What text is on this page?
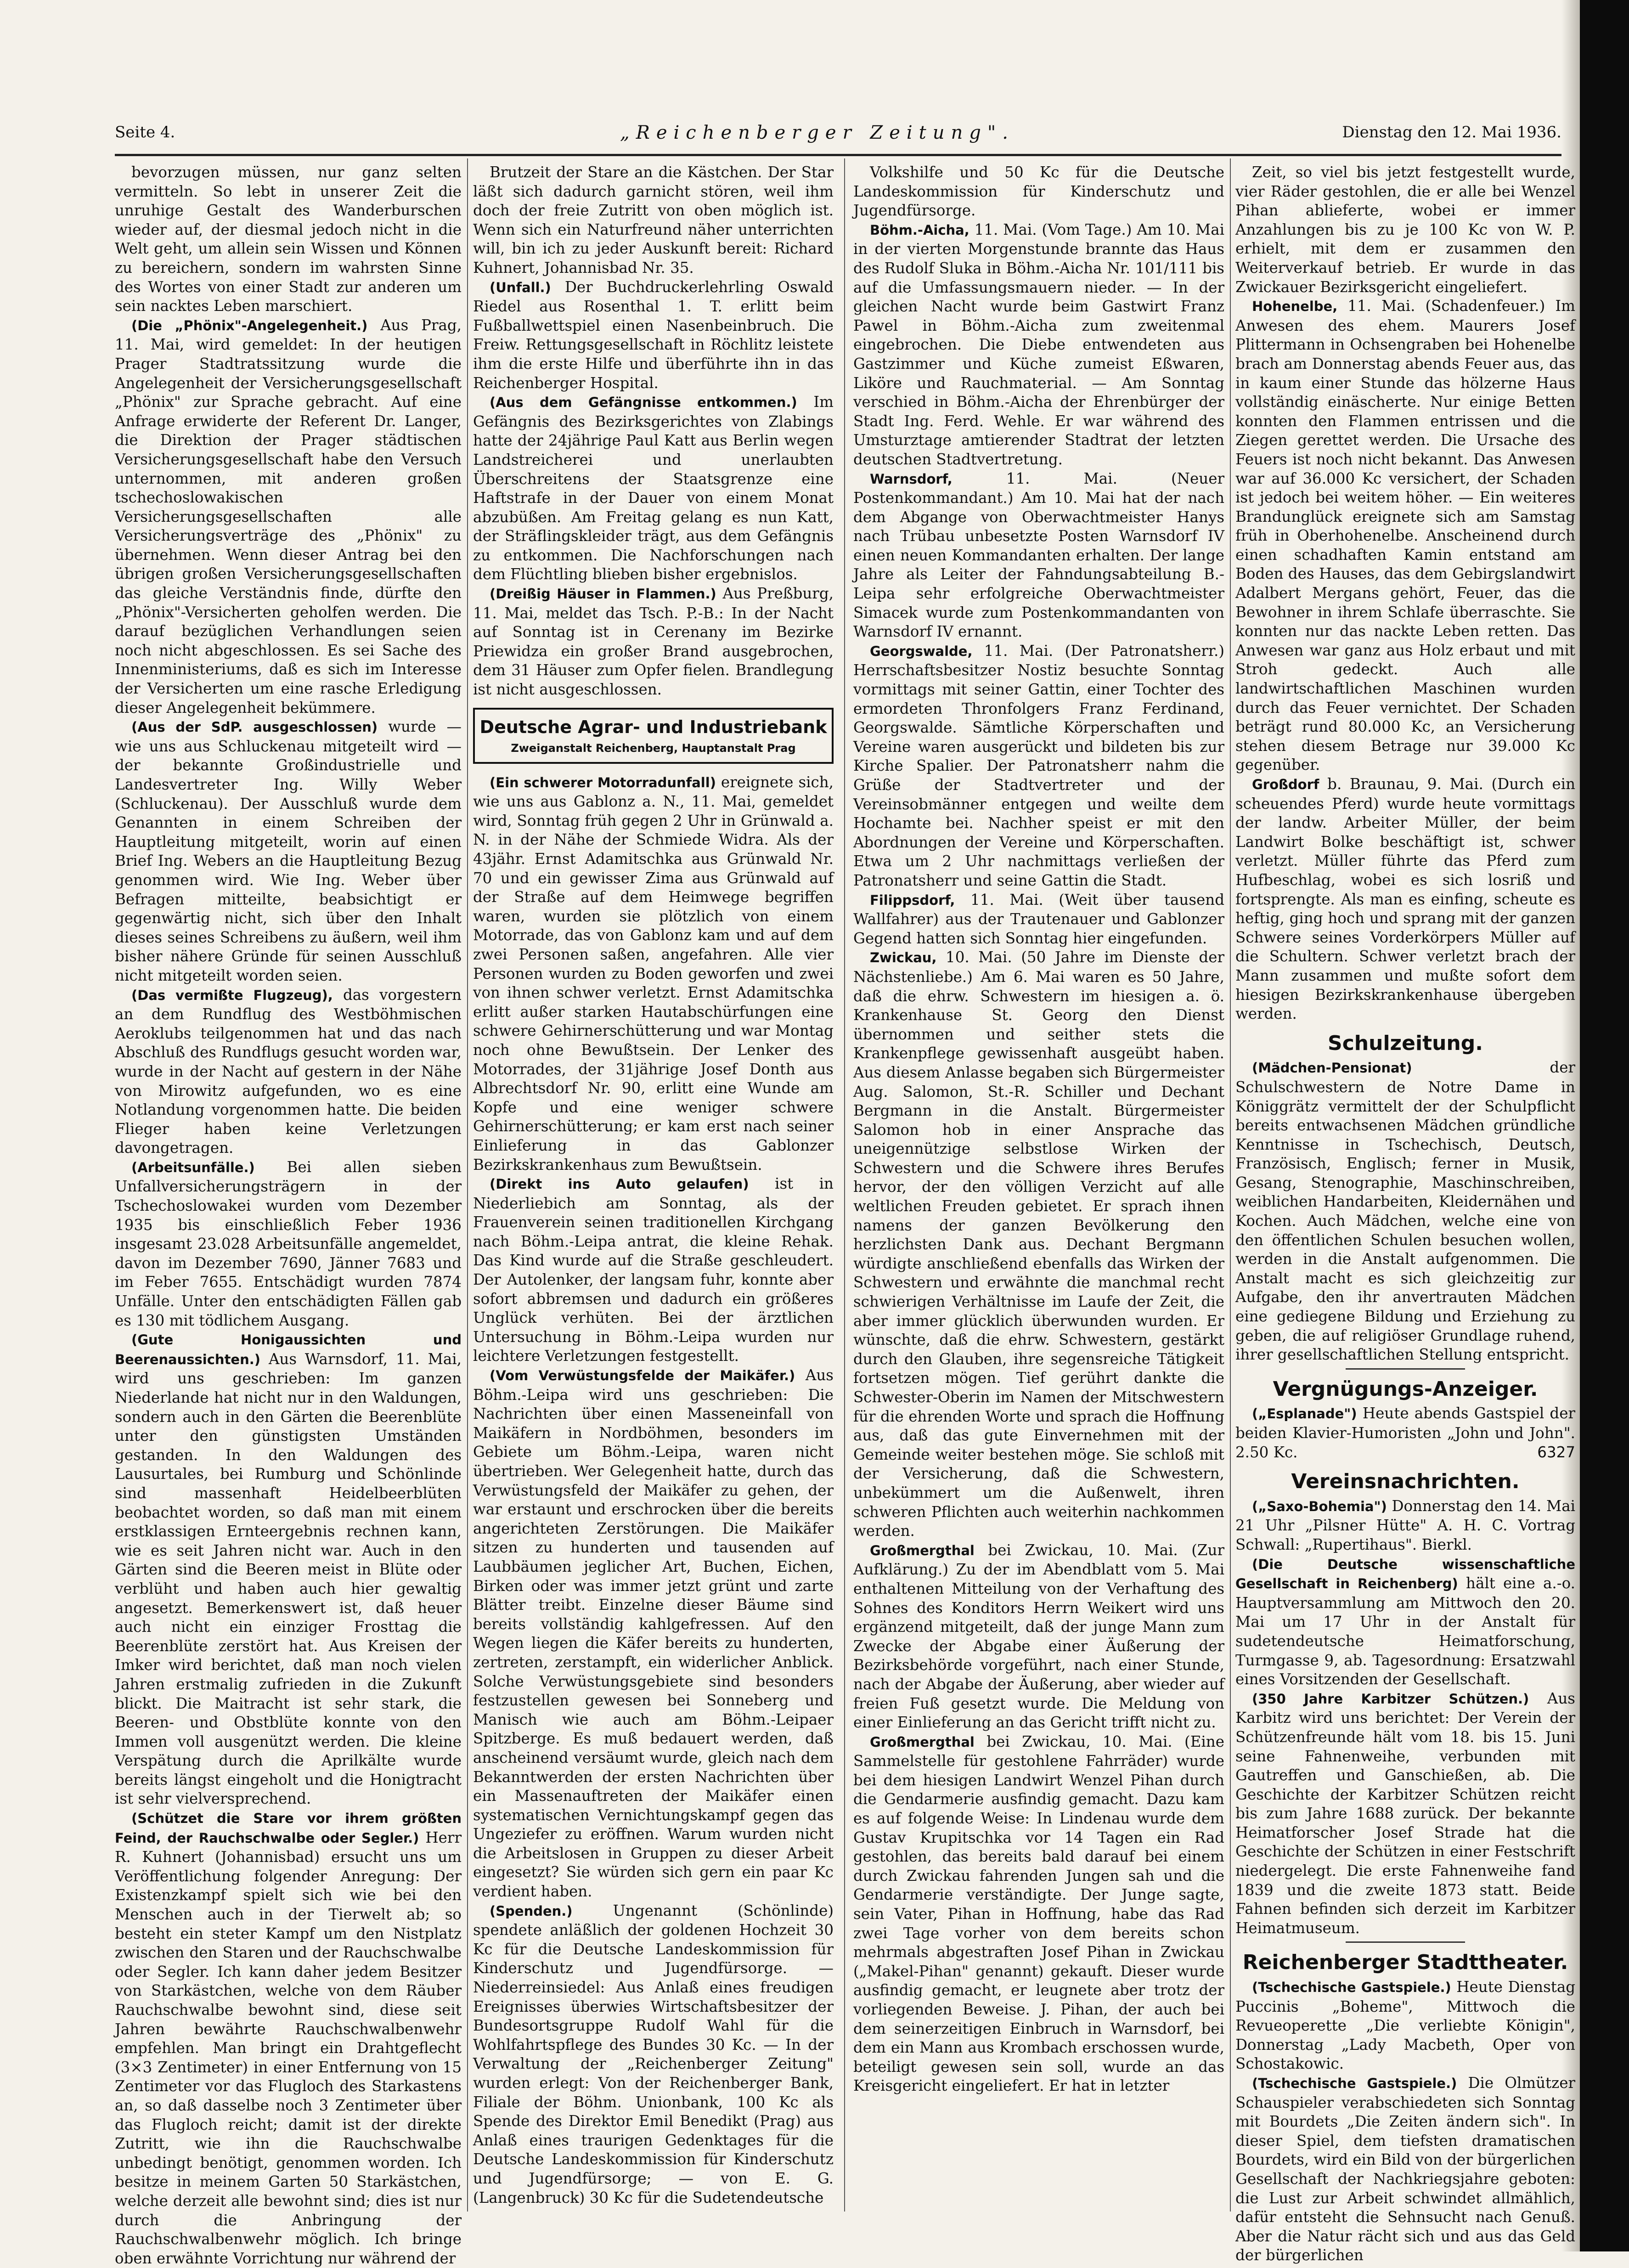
Seite 4.	„Reichenberger Zeitung".	Dienstag den 12. Mai 1936.

bevorzugen müssen, nur ganz selten vermitteln. So lebt in unserer Zeit die unruhige Gestalt des Wanderburschen wieder auf, der diesmal jedoch nicht in die Welt geht, um allein sein Wissen und Können zu bereichern, sondern im wahrsten Sinne des Wortes von einer Stadt zur anderen um sein nacktes Leben marschiert.

(Die „Phönix"-Angelegenheit.) Aus Prag, 11. Mai, wird gemeldet: In der heutigen Prager Stadtratssitzung wurde die Angelegenheit der Versicherungsgesellschaft „Phönix" zur Sprache gebracht. Auf eine Anfrage erwiderte der Referent Dr. Langer, die Direktion der Prager städtischen Versicherungsgesellschaft habe den Versuch unternommen, mit anderen großen tschechoslowakischen Versicherungsgesellschaften alle Versicherungsverträge des „Phönix" zu übernehmen. Wenn dieser Antrag bei den übrigen großen Versicherungsgesellschaften das gleiche Verständnis finde, dürfte den „Phönix"-Versicherten geholfen werden. Die darauf bezüglichen Verhandlungen seien noch nicht abgeschlossen. Es sei Sache des Innenministeriums, daß es sich im Interesse der Versicherten um eine rasche Erledigung dieser Angelegenheit bekümmere.

(Aus der SdP. ausgeschlossen) wurde — wie uns aus Schluckenau mitgeteilt wird — der bekannte Großindustrielle und Landesvertreter Ing. Willy Weber (Schluckenau). Der Ausschluß wurde dem Genannten in einem Schreiben der Hauptleitung mitgeteilt, worin auf einen Brief Ing. Webers an die Hauptleitung Bezug genommen wird. Wie Ing. Weber über Befragen mitteilte, beabsichtigt er gegenwärtig nicht, sich über den Inhalt dieses seines Schreibens zu äußern, weil ihm bisher nähere Gründe für seinen Ausschluß nicht mitgeteilt worden seien.

(Das vermißte Flugzeug), das vorgestern an dem Rundflug des Westböhmischen Aeroklubs teilgenommen hat und das nach Abschluß des Rundflugs gesucht worden war, wurde in der Nacht auf gestern in der Nähe von Mirowitz aufgefunden, wo es eine Notlandung vorgenommen hatte. Die beiden Flieger haben keine Verletzungen davongetragen.

(Arbeitsunfälle.) Bei allen sieben Unfallversicherungsträgern in der Tschechoslowakei wurden vom Dezember 1935 bis einschließlich Feber 1936 insgesamt 23.028 Arbeitsunfälle angemeldet, davon im Dezember 7690, Jänner 7683 und im Feber 7655. Entschädigt wurden 7874 Unfälle. Unter den entschädigten Fällen gab es 130 mit tödlichem Ausgang.

(Gute Honigaussichten und Beerenaussichten.) Aus Warnsdorf, 11. Mai, wird uns geschrieben: Im ganzen Niederlande hat nicht nur in den Waldungen, sondern auch in den Gärten die Beerenblüte unter den günstigsten Umständen gestanden. In den Waldungen des Lausurtales, bei Rumburg und Schönlinde sind massenhaft Heidelbeerblüten beobachtet worden, so daß man mit einem erstklassigen Ernteergebnis rechnen kann, wie es seit Jahren nicht war. Auch in den Gärten sind die Beeren meist in Blüte oder verblüht und haben auch hier gewaltig angesetzt. Bemerkenswert ist, daß heuer auch nicht ein einziger Frosttag die Beerenblüte zerstört hat. Aus Kreisen der Imker wird berichtet, daß man noch vielen Jahren erstmalig zufrieden in die Zukunft blickt. Die Maitracht ist sehr stark, die Beeren- und Obstblüte konnte von den Immen voll ausgenützt werden. Die kleine Verspätung durch die Aprilkälte wurde bereits längst eingeholt und die Honigtracht ist sehr vielversprechend.

(Schützet die Stare vor ihrem größten Feind, der Rauchschwalbe oder Segler.) Herr R. Kuhnert (Johannisbad) ersucht uns um Veröffentlichung folgender Anregung: Der Existenzkampf spielt sich wie bei den Menschen auch in der Tierwelt ab; so besteht ein steter Kampf um den Nistplatz zwischen den Staren und der Rauchschwalbe oder Segler. Ich kann daher jedem Besitzer von Starkästchen, welche von dem Räuber Rauchschwalbe bewohnt sind, diese seit Jahren bewährte Rauchschwalbenwehr empfehlen. Man bringt ein Drahtgeflecht (3×3 Zentimeter) in einer Entfernung von 15 Zentimeter vor das Flugloch des Starkastens an, so daß dasselbe noch 3 Zentimeter über das Flugloch reicht; damit ist der direkte Zutritt, wie ihn die Rauchschwalbe unbedingt benötigt, genommen worden. Ich besitze in meinem Garten 50 Starkästchen, welche derzeit alle bewohnt sind; dies ist nur durch die Anbringung der Rauchschwalbenwehr möglich. Ich bringe oben erwähnte Vorrichtung nur während der

Brutzeit der Stare an die Kästchen. Der Star läßt sich dadurch garnicht stören, weil ihm doch der freie Zutritt von oben möglich ist. Wenn sich ein Naturfreund näher unterrichten will, bin ich zu jeder Auskunft bereit: Richard Kuhnert, Johannisbad Nr. 35.

(Unfall.) Der Buchdruckerlehrling Oswald Riedel aus Rosenthal 1. T. erlitt beim Fußballwettspiel einen Nasenbeinbruch. Die Freiw. Rettungsgesellschaft in Röchlitz leistete ihm die erste Hilfe und überführte ihn in das Reichenberger Hospital.

(Aus dem Gefängnisse entkommen.) Im Gefängnis des Bezirksgerichtes von Zlabings hatte der 24jährige Paul Katt aus Berlin wegen Landstreicherei und unerlaubten Überschreitens der Staatsgrenze eine Haftstrafe in der Dauer von einem Monat abzubüßen. Am Freitag gelang es nun Katt, der Sträflingskleider trägt, aus dem Gefängnis zu entkommen. Die Nachforschungen nach dem Flüchtling blieben bisher ergebnislos.

(Dreißig Häuser in Flammen.) Aus Preßburg, 11. Mai, meldet das Tsch. P.-B.: In der Nacht auf Sonntag ist in Cerenany im Bezirke Priewidza ein großer Brand ausgebrochen, dem 31 Häuser zum Opfer fielen. Brandlegung ist nicht ausgeschlossen.

Deutsche Agrar- und Industriebank
Zweiganstalt Reichenberg, Hauptanstalt Prag

(Ein schwerer Motorradunfall) ereignete sich, wie uns aus Gablonz a. N., 11. Mai, gemeldet wird, Sonntag früh gegen 2 Uhr in Grünwald a. N. in der Nähe der Schmiede Widra. Als der 43jähr. Ernst Adamitschka aus Grünwald Nr. 70 und ein gewisser Zima aus Grünwald auf der Straße auf dem Heimwege begriffen waren, wurden sie plötzlich von einem Motorrade, das von Gablonz kam und auf dem zwei Personen saßen, angefahren. Alle vier Personen wurden zu Boden geworfen und zwei von ihnen schwer verletzt. Ernst Adamitschka erlitt außer starken Hautabschürfungen eine schwere Gehirnerschütterung und war Montag noch ohne Bewußtsein. Der Lenker des Motorrades, der 31jährige Josef Donth aus Albrechtsdorf Nr. 90, erlitt eine Wunde am Kopfe und eine weniger schwere Gehirnerschütterung; er kam erst nach seiner Einlieferung in das Gablonzer Bezirkskrankenhaus zum Bewußtsein.

(Direkt ins Auto gelaufen) ist in Niederliebich am Sonntag, als der Frauenverein seinen traditionellen Kirchgang nach Böhm.-Leipa antrat, die kleine Rehak. Das Kind wurde auf die Straße geschleudert. Der Autolenker, der langsam fuhr, konnte aber sofort abbremsen und dadurch ein größeres Unglück verhüten. Bei der ärztlichen Untersuchung in Böhm.-Leipa wurden nur leichtere Verletzungen festgestellt.

(Vom Verwüstungsfelde der Maikäfer.) Aus Böhm.-Leipa wird uns geschrieben: Die Nachrichten über einen Masseneinfall von Maikäfern in Nordböhmen, besonders im Gebiete um Böhm.-Leipa, waren nicht übertrieben. Wer Gelegenheit hatte, durch das Verwüstungsfeld der Maikäfer zu gehen, der war erstaunt und erschrocken über die bereits angerichteten Zerstörungen. Die Maikäfer sitzen zu hunderten und tausenden auf Laubbäumen jeglicher Art, Buchen, Eichen, Birken oder was immer jetzt grünt und zarte Blätter treibt. Einzelne dieser Bäume sind bereits vollständig kahlgefressen. Auf den Wegen liegen die Käfer bereits zu hunderten, zertreten, zerstampft, ein widerlicher Anblick. Solche Verwüstungsgebiete sind besonders festzustellen gewesen bei Sonneberg und Manisch wie auch am Böhm.-Leipaer Spitzberge. Es muß bedauert werden, daß anscheinend versäumt wurde, gleich nach dem Bekanntwerden der ersten Nachrichten über ein Massenauftreten der Maikäfer einen systematischen Vernichtungskampf gegen das Ungeziefer zu eröffnen. Warum wurden nicht die Arbeitslosen in Gruppen zu dieser Arbeit eingesetzt? Sie würden sich gern ein paar Kc verdient haben.

(Spenden.)	Ungenannt (Schönlinde) spendete anläßlich der goldenen Hochzeit 30 Kc für die Deutsche Landeskommission für Kinderschutz und Jugendfürsorge. — Niederreinsiedel: Aus Anlaß eines freudigen Ereignisses überwies Wirtschaftsbesitzer der Bundesortsgruppe Rudolf Wahl für die Wohlfahrtspflege des Bundes 30 Kc. — In der Verwaltung der „Reichenberger Zeitung" wurden erlegt: Von der Reichenberger Bank, Filiale der Böhm. Unionbank, 100 Kc als Spende des Direktor Emil Benedikt (Prag) aus Anlaß eines traurigen Gedenktages für die Deutsche Landeskommission für Kinderschutz und Jugendfürsorge; — von E. G. (Langenbruck) 30 Kc für die Sudetendeutsche

Volkshilfe und 50 Kc für die Deutsche Landeskommission für Kinderschutz und Jugendfürsorge.

Böhm.-Aicha, 11. Mai. (Vom Tage.) Am 10. Mai in der vierten Morgenstunde brannte das Haus des Rudolf Sluka in Böhm.-Aicha Nr. 101/111 bis auf die Umfassungsmauern nieder. — In der gleichen Nacht wurde beim Gastwirt Franz Pawel in Böhm.-Aicha zum zweitenmal eingebrochen. Die Diebe entwendeten aus Gastzimmer und Küche zumeist Eßwaren, Liköre und Rauchmaterial. — Am Sonntag verschied in Böhm.-Aicha der Ehrenbürger der Stadt Ing. Ferd. Wehle. Er war während des Umsturztage amtierender Stadtrat der letzten deutschen Stadtvertretung.

Warnsdorf,	11. Mai. (Neuer Postenkommandant.) Am 10. Mai hat der nach dem Abgange von Oberwachtmeister Hanys nach Trübau unbesetzte Posten Warnsdorf IV einen neuen Kommandanten erhalten. Der lange Jahre als Leiter der Fahndungsabteilung B.-Leipa sehr erfolgreiche Oberwachtmeister Simacek wurde zum Postenkommandanten von Warnsdorf IV ernannt.

Georgswalde, 11. Mai. (Der Patronatsherr.) Herrschaftsbesitzer Nostiz besuchte Sonntag vormittags mit seiner Gattin, einer Tochter des ermordeten Thronfolgers Franz Ferdinand, Georgswalde. Sämtliche Körperschaften und Vereine waren ausgerückt und bildeten bis zur Kirche Spalier. Der Patronatsherr nahm die Grüße der Stadtvertreter und der Vereinsobmänner entgegen und weilte dem Hochamte bei. Nachher speist er mit den Abordnungen der Vereine und Körperschaften. Etwa um 2 Uhr nachmittags verließen der Patronatsherr und seine Gattin die Stadt.

Filippsdorf, 11. Mai. (Weit über tausend Wallfahrer) aus der Trautenauer und Gablonzer Gegend hatten sich Sonntag hier eingefunden.

Zwickau, 10. Mai. (50 Jahre im Dienste der Nächstenliebe.) Am 6. Mai waren es 50 Jahre, daß die ehrw. Schwestern im hiesigen a. ö. Krankenhause St. Georg den Dienst übernommen und seither stets die Krankenpflege gewissenhaft ausgeübt haben. Aus diesem Anlasse begaben sich Bürgermeister Aug. Salomon, St.-R. Schiller und Dechant Bergmann in die Anstalt. Bürgermeister Salomon hob in einer Ansprache das uneigennützige selbstlose Wirken der Schwestern und die Schwere ihres Berufes hervor, der den völligen Verzicht auf alle weltlichen Freuden gebietet. Er sprach ihnen namens der ganzen Bevölkerung den herzlichsten Dank aus. Dechant Bergmann würdigte anschließend ebenfalls das Wirken der Schwestern und erwähnte die manchmal recht schwierigen Verhältnisse im Laufe der Zeit, die aber immer glücklich überwunden wurden. Er wünschte, daß die ehrw. Schwestern, gestärkt durch den Glauben, ihre segensreiche Tätigkeit fortsetzen mögen. Tief gerührt dankte die Schwester-Oberin im Namen der Mitschwestern für die ehrenden Worte und sprach die Hoffnung aus, daß das gute Einvernehmen mit der Gemeinde weiter bestehen möge. Sie schloß mit der Versicherung, daß die Schwestern, unbekümmert um die Außenwelt, ihren schweren Pflichten auch weiterhin nachkommen werden.

Großmergthal bei Zwickau, 10. Mai. (Zur Aufklärung.) Zu der im Abendblatt vom 5. Mai enthaltenen Mitteilung von der Verhaftung des Sohnes des Konditors Herrn Weikert wird uns ergänzend mitgeteilt, daß der junge Mann zum Zwecke der Abgabe einer Äußerung der Bezirksbehörde vorgeführt, nach einer Stunde, nach der Abgabe der Äußerung, aber wieder auf freien Fuß gesetzt wurde. Die Meldung von einer Einlieferung an das Gericht trifft nicht zu.

Großmergthal bei Zwickau, 10. Mai. (Eine Sammelstelle für gestohlene Fahrräder) wurde bei dem hiesigen Landwirt Wenzel Pihan durch die Gendarmerie ausfindig gemacht. Dazu kam es auf folgende Weise: In Lindenau wurde dem Gustav Krupitschka vor 14 Tagen ein Rad gestohlen, das bereits bald darauf bei einem durch Zwickau fahrenden Jungen sah und die Gendarmerie verständigte. Der Junge sagte, sein Vater, Pihan in Hoffnung, habe das Rad zwei Tage vorher von dem bereits schon mehrmals abgestraften Josef Pihan in Zwickau („Makel-Pihan" genannt) gekauft. Dieser wurde ausfindig gemacht, er leugnete aber trotz der vorliegenden Beweise. J. Pihan, der auch bei dem seinerzeitigen Einbruch in Warnsdorf, bei dem ein Mann aus Krombach erschossen wurde, beteiligt gewesen sein soll, wurde an das Kreisgericht eingeliefert. Er hat in letzter

Zeit, so viel bis jetzt festgestellt wurde, vier Räder gestohlen, die er alle bei Wenzel Pihan ablieferte, wobei er immer Anzahlungen bis zu je 100 Kc von W. P. erhielt, mit dem er zusammen den Weiterverkauf betrieb. Er wurde in das Zwickauer Bezirksgericht eingeliefert.

Hohenelbe, 11. Mai. (Schadenfeuer.) Im Anwesen des ehem. Maurers Josef Plittermann in Ochsengraben bei Hohenelbe brach am Donnerstag abends Feuer aus, das in kaum einer Stunde das hölzerne Haus vollständig einäscherte. Nur einige Betten konnten den Flammen entrissen und die Ziegen gerettet werden. Die Ursache des Feuers ist noch nicht bekannt. Das Anwesen war auf 36.000 Kc versichert, der Schaden ist jedoch bei weitem höher. — Ein weiteres Brandunglück ereignete sich am Samstag früh in Oberhohenelbe. Anscheinend durch einen schadhaften Kamin entstand am Boden des Hauses, das dem Gebirgslandwirt Adalbert Mergans gehört, Feuer, das die Bewohner in ihrem Schlafe überraschte. Sie konnten nur das nackte Leben retten. Das Anwesen war ganz aus Holz erbaut und mit Stroh gedeckt. Auch alle landwirtschaftlichen Maschinen wurden durch das Feuer vernichtet. Der Schaden beträgt rund 80.000 Kc, an Versicherung stehen diesem Betrage nur 39.000 Kc gegenüber.

Großdorf b. Braunau, 9. Mai. (Durch ein scheuendes Pferd) wurde heute vormittags der landw. Arbeiter Müller, der beim Landwirt Bolke beschäftigt ist, schwer verletzt. Müller führte das Pferd zum Hufbeschlag, wobei es sich losriß und fortsprengte. Als man es einfing, scheute es heftig, ging hoch und sprang mit der ganzen Schwere seines Vorderkörpers Müller auf die Schultern. Schwer verletzt brach der Mann zusammen und mußte sofort dem hiesigen Bezirkskrankenhause übergeben werden.

Schulzeitung.

(Mädchen-Pensionat)	der Schulschwestern de Notre Dame in Königgrätz vermittelt der der Schulpflicht bereits entwachsenen Mädchen gründliche Kenntnisse in Tschechisch, Deutsch, Französisch, Englisch; ferner in Musik, Gesang, Stenographie, Maschinschreiben, weiblichen Handarbeiten, Kleidernähen und Kochen. Auch Mädchen, welche eine von den öffentlichen Schulen besuchen wollen, werden in die Anstalt aufgenommen. Die Anstalt macht es sich gleichzeitig zur Aufgabe, den ihr anvertrauten Mädchen eine gediegene Bildung und Erziehung zu geben, die auf religiöser Grundlage ruhend, ihrer gesellschaftlichen Stellung entspricht.

Vergnügungs-Anzeiger.

(„Esplanade") Heute abends Gastspiel der beiden Klavier-Humoristen „John und John". 2.50 Kc.	6327

Vereinsnachrichten.

(„Saxo-Bohemia") Donnerstag den 14. Mai 21 Uhr „Pilsner Hütte" A. H. C. Vortrag Schwall: „Rupertihaus". Bierkl.

(Die Deutsche wissenschaftliche Gesellschaft in Reichenberg) hält eine a.-o. Hauptversammlung am Mittwoch den 20. Mai um 17 Uhr in der Anstalt für sudetendeutsche Heimatforschung, Turmgasse 9, ab. Tagesordnung: Ersatzwahl eines Vorsitzenden der Gesellschaft.

(350 Jahre Karbitzer Schützen.) Aus Karbitz wird uns berichtet: Der Verein der Schützenfreunde hält vom 18. bis 15. Juni seine Fahnenweihe, verbunden mit Gautreffen und Ganschießen, ab. Die Geschichte der Karbitzer Schützen reicht bis zum Jahre 1688 zurück. Der bekannte Heimatforscher Josef Strade hat die Geschichte der Schützen in einer Festschrift niedergelegt. Die erste Fahnenweihe fand 1839 und die zweite 1873 statt. Beide Fahnen befinden sich derzeit im Karbitzer Heimatmuseum.

Reichenberger Stadttheater.

(Tschechische Gastspiele.) Heute Dienstag Puccinis „Boheme", Mittwoch die Revueoperette „Die verliebte Königin", Donnerstag „Lady Macbeth, Oper von Schostakowic.

(Tschechische Gastspiele.) Die Olmützer Schauspieler verabschiedeten sich Sonntag mit Bourdets „Die Zeiten ändern sich". In dieser Spiel, dem tiefsten dramatischen Bourdets, wird ein Bild von der bürgerlichen Gesellschaft der Nachkriegsjahre geboten: die Lust zur Arbeit schwindet allmählich, dafür entsteht die Sehnsucht nach Genuß. Aber die Natur rächt sich und aus das Geld der bürgerlichen
